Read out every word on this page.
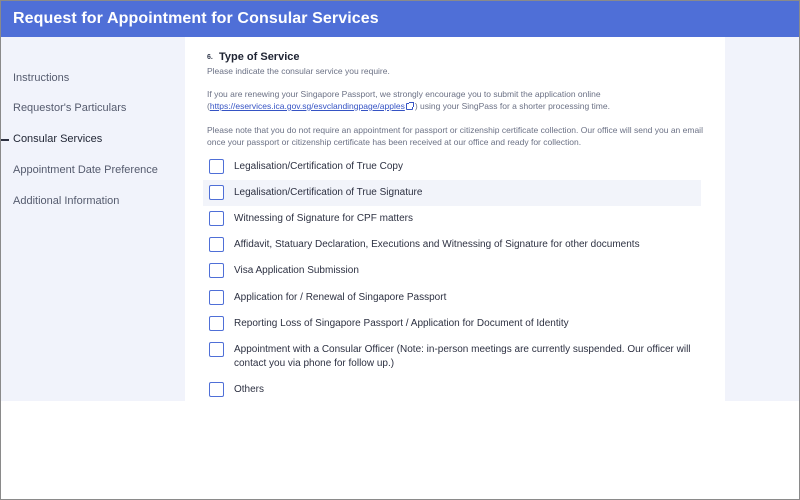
Request for Appointment for Consular Services
Instructions
Requestor's Particulars
Consular Services
Appointment Date Preference
Additional Information
6. Type of Service
Please indicate the consular service you require.
If you are renewing your Singapore Passport, we strongly encourage you to submit the application online (https://eservices.ica.gov.sg/esvclandingpage/apples ) using your SingPass for a shorter processing time.
Please note that you do not require an appointment for passport or citizenship certificate collection. Our office will send you an email once your passport or citizenship certificate has been received at our office and ready for collection.
Legalisation/Certification of True Copy
Legalisation/Certification of True Signature
Witnessing of Signature for CPF matters
Affidavit, Statuary Declaration, Executions and Witnessing of Signature for other documents
Visa Application Submission
Application for / Renewal of Singapore Passport
Reporting Loss of Singapore Passport / Application for Document of Identity
Appointment with a Consular Officer (Note: in-person meetings are currently suspended. Our officer will contact you via phone for follow up.)
Others
